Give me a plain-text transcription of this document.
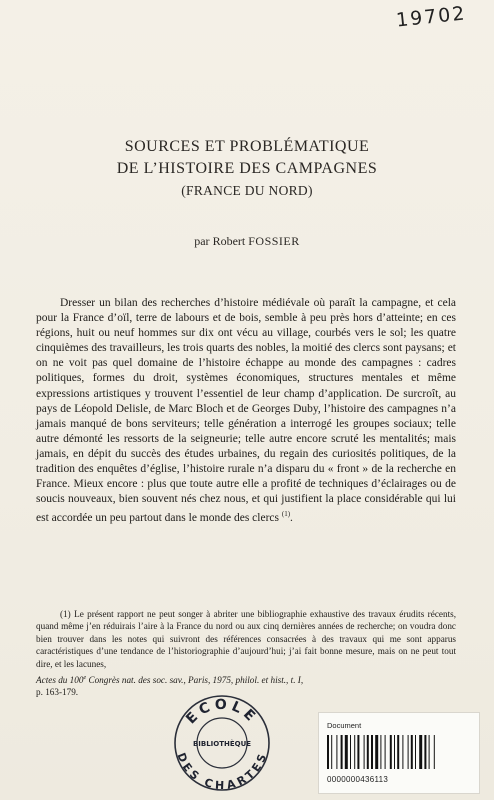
19702
SOURCES ET PROBLÉMATIQUE
DE L’HISTOIRE DES CAMPAGNES
(FRANCE DU NORD)
par Robert FOSSIER

Dresser un bilan des recherches d’histoire médiévale où paraît la campagne, et cela pour la France d’oïl, terre de labours et de bois, semble à peu près hors d’atteinte; en ces régions, huit ou neuf hommes sur dix ont vécu au village, courbés vers le sol; les quatre cinquièmes des travailleurs, les trois quarts des nobles, la moitié des clercs sont paysans; et on ne voit pas quel domaine de l’histoire échappe au monde des campagnes : cadres politiques, formes du droit, systèmes économiques, structures mentales et même expressions artistiques y trouvent l’essentiel de leur champ d’application. De surcroît, au pays de Léopold Delisle, de Marc Bloch et de Georges Duby, l’histoire des campagnes n’a jamais manqué de bons serviteurs; telle génération a interrogé les groupes sociaux; telle autre démonté les ressorts de la seigneurie; telle autre encore scruté les mentalités; mais jamais, en dépit du succès des études urbaines, du regain des curiosités politiques, de la tradition des enquêtes d’église, l’histoire rurale n’a disparu du « front » de la recherche en France. Mieux encore : plus que toute autre elle a profité de techniques d’éclairages ou de soucis nouveaux, bien souvent nés chez nous, et qui justifient la place considérable qui lui est accordée un peu partout dans le monde des clercs $^{(1)}$.

(1) Le présent rapport ne peut songer à abriter une bibliographie exhaustive des travaux érudits récents, quand même j’en réduirais l’aire à la France du nord ou aux cinq dernières années de recherche; on voudra donc bien trouver dans les notes qui suivront des références consacrées à des travaux qui me sont apparus caractéristiques d’une tendance de l’historiographie d’aujourd’hui; j’ai fait bonne mesure, mais on ne peut tout dire, et les lacunes,

Actes du 100e Congrès nat. des soc. sav., Paris, 1975, philol. et hist., t. I,
p. 163-179.
ECOLE
BIBLIOTHÈQUE
DES CHARTES
Document
0000000436113
